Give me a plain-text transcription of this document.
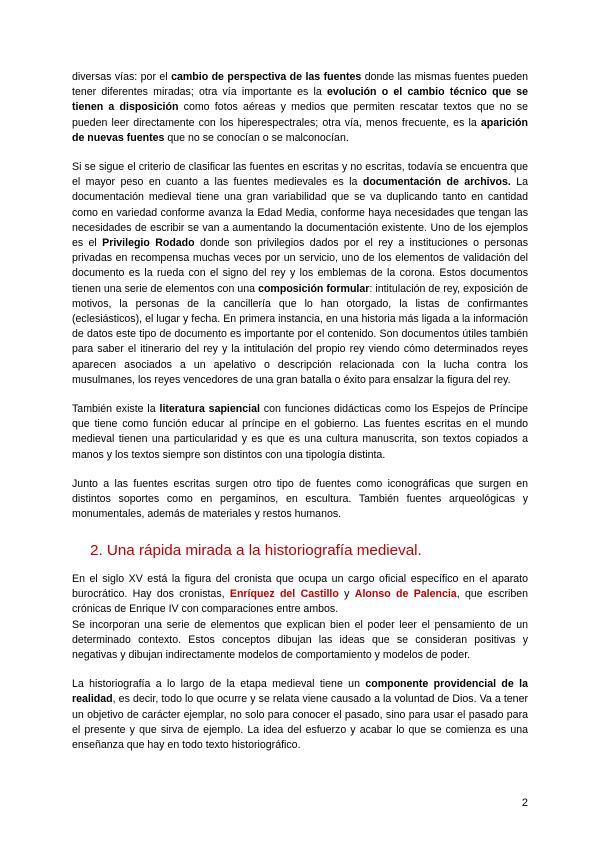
diversas vías: por el cambio de perspectiva de las fuentes donde las mismas fuentes pueden tener diferentes miradas; otra vía importante es la evolución o el cambio técnico que se tienen a disposición como fotos aéreas y medios que permiten rescatar textos que no se pueden leer directamente con los hiperespectrales; otra vía, menos frecuente, es la aparición de nuevas fuentes que no se conocían o se malconocían.

Si se sigue el criterio de clasificar las fuentes en escritas y no escritas, todavía se encuentra que el mayor peso en cuanto a las fuentes medievales es la documentación de archivos. La documentación medieval tiene una gran variabilidad que se va duplicando tanto en cantidad como en variedad conforme avanza la Edad Media, conforme haya necesidades que tengan las necesidades de escribir se van a aumentando la documentación existente. Uno de los ejemplos es el Privilegio Rodado donde son privilegios dados por el rey a instituciones o personas privadas en recompensa muchas veces por un servicio, uno de los elementos de validación del documento es la rueda con el signo del rey y los emblemas de la corona. Estos documentos tienen una serie de elementos con una composición formular: intitulación de rey, exposición de motivos, la personas de la cancillería que lo han otorgado, la listas de confirmantes (eclesiásticos), el lugar y fecha. En primera instancia, en una historia más ligada a la información de datos este tipo de documento es importante por el contenido. Son documentos útiles también para saber el itinerario del rey y la intitulación del propio rey viendo cómo determinados reyes aparecen asociados a un apelativo o descripción relacionada con la lucha contra los musulmanes, los reyes vencedores de una gran batalla o éxito para ensalzar la figura del rey.

También existe la literatura sapiencial con funciones didácticas como los Espejos de Príncipe que tiene como función educar al príncipe en el gobierno. Las fuentes escritas en el mundo medieval tienen una particularidad y es que es una cultura manuscrita, son textos copiados a manos y los textos siempre son distintos con una tipología distinta.

Junto a las fuentes escritas surgen otro tipo de fuentes como iconográficas que surgen en distintos soportes como en pergaminos, en escultura. También fuentes arqueológicas y monumentales, además de materiales y restos humanos.

2. Una rápida mirada a la historiografía medieval.

En el siglo XV está la figura del cronista que ocupa un cargo oficial específico en el aparato burocrático. Hay dos cronistas, Enríquez del Castillo y Alonso de Palencia, que escriben crónicas de Enrique IV con comparaciones entre ambos.

Se incorporan una serie de elementos que explican bien el poder leer el pensamiento de un determinado contexto. Estos conceptos dibujan las ideas que se consideran positivas y negativas y dibujan indirectamente modelos de comportamiento y modelos de poder.

La historiografía a lo largo de la etapa medieval tiene un componente providencial de la realidad, es decir, todo lo que ocurre y se relata viene causado a la voluntad de Dios. Va a tener un objetivo de carácter ejemplar, no solo para conocer el pasado, sino para usar el pasado para el presente y que sirva de ejemplo. La idea del esfuerzo y acabar lo que se comienza es una enseñanza que hay en todo texto historiográfico.

2
